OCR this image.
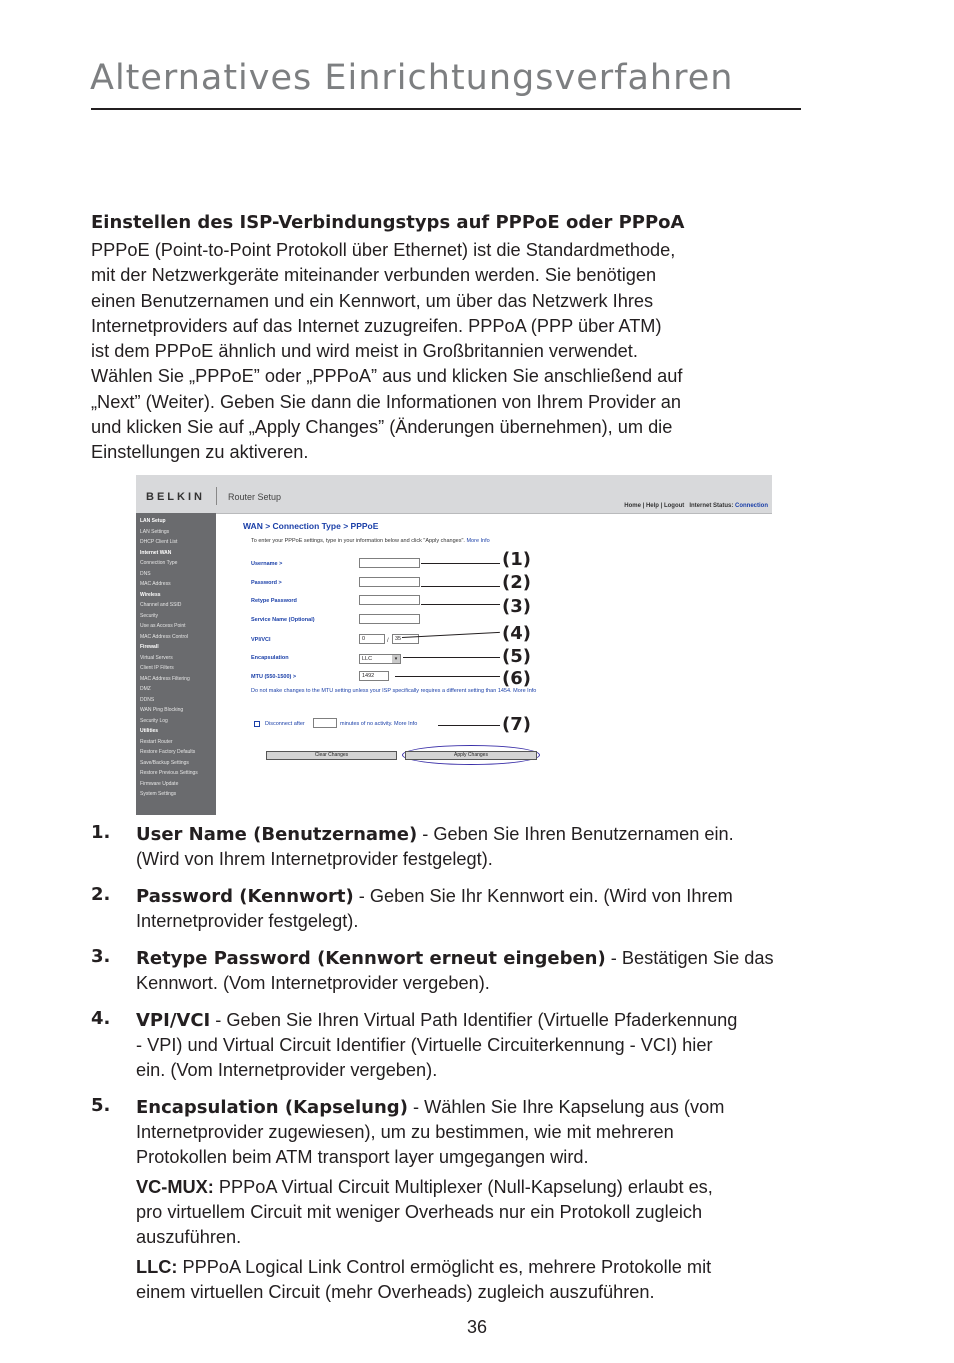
Alternatives Einrichtungsverfahren
Einstellen des ISP-Verbindungstyps auf PPPoE oder PPPoA

PPPoE (Point-to-Point Protokoll über Ethernet) ist die Standardmethode,
mit der Netzwerkgeräte miteinander verbunden werden. Sie benötigen
einen Benutzernamen und ein Kennwort, um über das Netzwerk Ihres
Internetproviders auf das Internet zuzugreifen. PPPoA (PPP über ATM)
ist dem PPPoE ähnlich und wird meist in Großbritannien verwendet.
Wählen Sie „PPPoE” oder „PPPoA” aus und klicken Sie anschließend auf
„Next” (Weiter). Geben Sie dann die Informationen von Ihrem Provider an
und klicken Sie auf „Apply Changes” (Änderungen übernehmen), um die
Einstellungen zu aktiveren.

BELKIN	Router Setup
Home | Help | Logout Internet Status: Connection
LAN Setup
LAN Settings
DHCP Client List
Internet WAN
Connection Type
DNS
MAC Address
Wireless
Channel and SSID
Security
Use as Access Point
MAC Address Control
Firewall
Virtual Servers
Client IP Filters
MAC Address Filtering
DMZ
DDNS
WAN Ping Blocking
Security Log
Utilities
Restart Router
Restore Factory Defaults
Save/Backup Settings
Restore Previous Settings
Firmware Update
System Settings
WAN > Connection Type > PPPoE
To enter your PPPoE settings, type in your information below and click "Apply changes". More Info
Username >
Password >
Retype Password
Service Name (Optional)
VPI/VCI	0	/	35
Encapsulation	LLC	▾
MTU (550-1500) >	1492
Do not make changes to the MTU setting unless your ISP specifically requires a different setting than 1454. More Info
Disconnect after	minutes of no activity. More Info
Clear Changes	Apply Changes
(1)
(2)
(3)
(4)
(5)
(6)
(7)
1. User Name (Benutzername) - Geben Sie Ihren Benutzernamen ein.
(Wird von Ihrem Internetprovider festgelegt).
2. Password (Kennwort) - Geben Sie Ihr Kennwort ein. (Wird von Ihrem
Internetprovider festgelegt).
3. Retype Password (Kennwort erneut eingeben) - Bestätigen Sie das
Kennwort. (Vom Internetprovider vergeben).
4. VPI/VCI - Geben Sie Ihren Virtual Path Identifier (Virtuelle Pfaderkennung
- VPI) und Virtual Circuit Identifier (Virtuelle Circuiterkennung - VCI) hier
ein. (Vom Internetprovider vergeben).
5. Encapsulation (Kapselung) - Wählen Sie Ihre Kapselung aus (vom
Internetprovider zugewiesen), um zu bestimmen, wie mit mehreren
Protokollen beim ATM transport layer umgegangen wird.
VC-MUX: PPPoA Virtual Circuit Multiplexer (Null-Kapselung) erlaubt es,
pro virtuellem Circuit mit weniger Overheads nur ein Protokoll zugleich
auszuführen.
LLC: PPPoA Logical Link Control ermöglicht es, mehrere Protokolle mit
einem virtuellen Circuit (mehr Overheads) zugleich auszuführen.
36
